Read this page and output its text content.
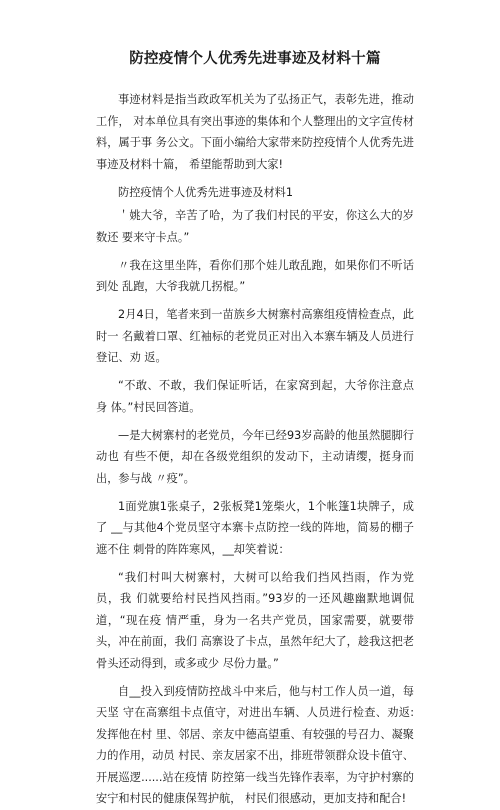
防控疫情个人优秀先进事迹及材料十篇
事迹材料是指当政政军机关为了弘扬正气，表彰先进，推动工作， 对本单位具有突出事迹的集体和个人整理出的文字宣传材料，属于事 务公文。下面小编给大家带来防控疫情个人优秀先进事迹及材料十篇， 希望能帮助到大家!
防控疫情个人优秀先进事迹及材料1
＇姚大爷，辛苦了哈，为了我们村民的平安，你这么大的岁数还 要来守卡点。”
〃我在这里坐阵，看你们那个娃儿敢乱跑，如果你们不听话到处 乱跑，大爷我就几拐棍。”
2月4日，笔者来到一苗族乡大树寨村高寨组疫情检查点，此时一 名戴着口罩、红袖标的老党员正对出入本寨车辆及人员进行登记、劝 返。
“不敢、不敢，我们保证听话，在家窝到起，大爷你注意点身 体。”村民回答道。
—是大树寨村的老党员，今年已经93岁高龄的他虽然腿脚行动也 有些不便，却在各级党组织的发动下，主动请缨，挺身而出，参与战 〃疫”。
1面党旗1张桌子，2张板凳1笼柴火，1个帐篷1块牌子，成了 __与其他4个党员坚守本寨卡点防控一线的阵地，简易的棚子遮不住 刺骨的阵阵寒风，__却笑着说：
“我们村叫大树寨村，大树可以给我们挡风挡雨，作为党员，我 们就要给村民挡风挡雨。”93岁的一还风趣幽默地调侃道，“现在疫 情严重，身为一名共产党员，国家需要，就要带头，冲在前面，我们 高寨设了卡点，虽然年纪大了，趁我这把老骨头还动得到，或多或少 尽份力量。”
自__投入到疫情防控战斗中来后，他与村工作人员一道，每天坚 守在高寨组卡点值守，对进出车辆、人员进行检查、劝返:发挥他在村 里、邻居、亲友中德高望重、有较强的号召力、凝聚力的作用，动员 村民、亲友居家不出，排班带领群众设卡值守、开展巡逻......站在疫情 防控第一线当先锋作表率，为守护村寨的安宁和村民的健康保驾护航， 村民们很感动，更加支持和配合!
